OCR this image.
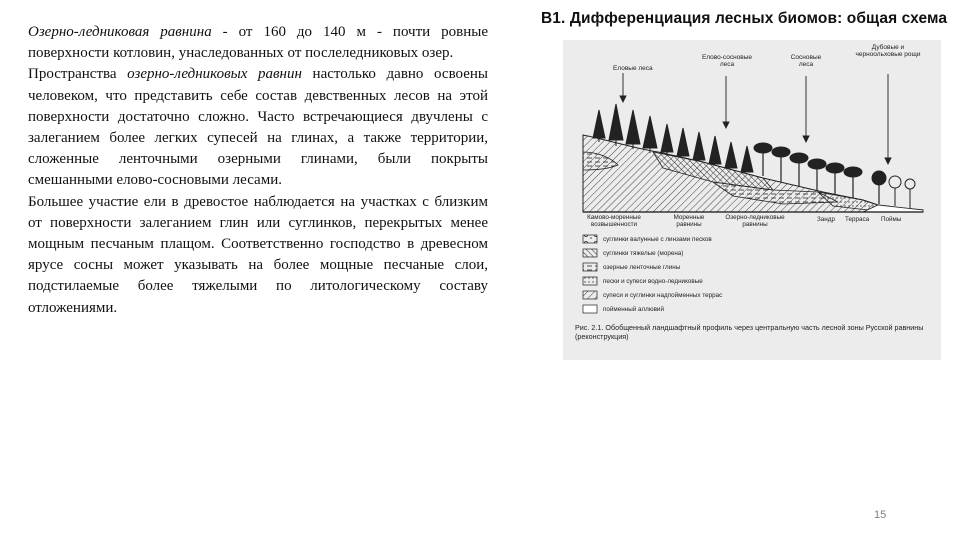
Озерно-ледниковая равнина - от 160 до 140 м - почти ровные поверхности котловин, унаследованных от послеледниковых озер.

Пространства озерно-ледниковых равнин настолько давно освоены человеком, что представить себе состав девственных лесов на этой поверхности достаточно сложно. Часто встречающиеся двучлены с залеганием более легких супесей на глинах, а также территории, сложенные ленточными озерными глинами, были покрыты смешанными елово-сосновыми лесами.

Большее участие ели в древостое наблюдается на участках с близким от поверхности залеганием глин или суглинков, перекрытых менее мощным песчаным плащом. Соответственно господство в древесном ярусе сосны может указывать на более мощные песчаные слои, подстилаемые более тяжелыми по литологическому составу отложениями.

В1. Дифференциация лесных биомов: общая схема
Еловые леса
Елово-сосновые леса
Сосновые леса
Дубовые и черноольховые рощи
Камово-моренные возвышенности
Моренные равнины
Озерно-ледниковые равнины
Зандр Терраса Поймы
суглинки валунные с линзами песков
суглинки тяжелые (морена)
озерные ленточные глины
пески и супеси водно-ледниковые
супеси и суглинки надпойменных террас
пойменный аллювий
Рис. 2.1. Обобщенный ландшафтный профиль через центральную часть лесной зоны Русской равнины (реконструкция)
15
